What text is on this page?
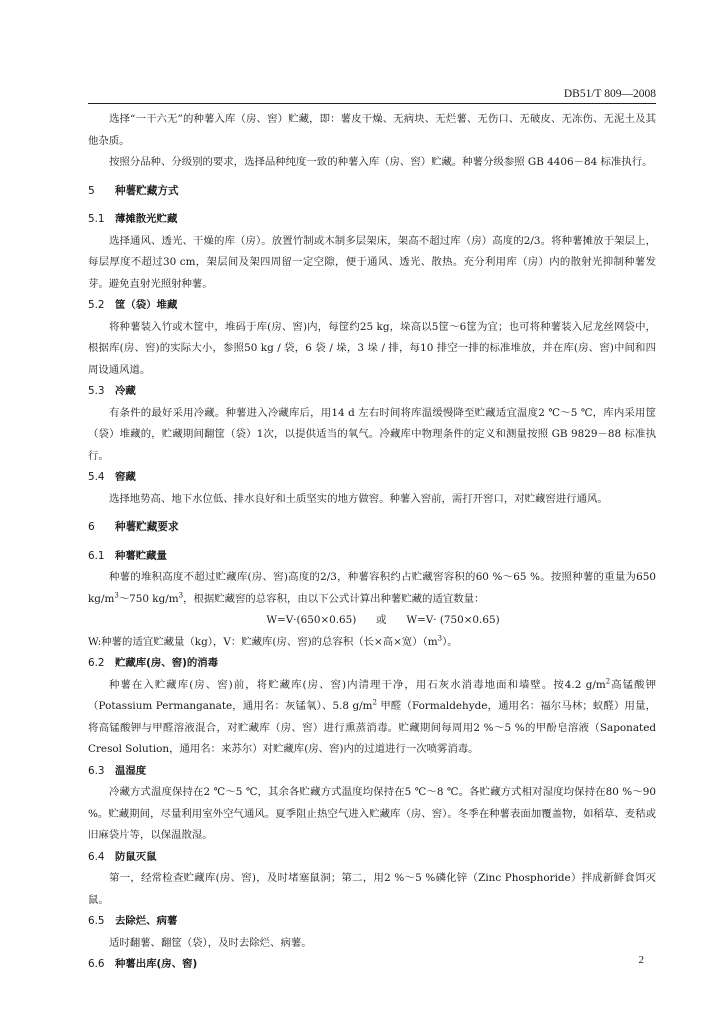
DB51/T 809—2008

选择“一干六无”的种薯入库（房、窖）贮藏，即：薯皮干燥、无病块、无烂薯、无伤口、无破皮、无冻伤、无泥土及其他杂质。

按照分品种、分级别的要求，选择品种纯度一致的种薯入库（房、窖）贮藏。种薯分级参照 GB 4406－84 标准执行。

5 种薯贮藏方式
5.1 薄摊散光贮藏

选择通风、透光、干燥的库（房）。放置竹制或木制多层架床，架高不超过库（房）高度的2/3。将种薯摊放于架层上，每层厚度不超过30 cm，架层间及架四周留一定空隙，便于通风、透光、散热。充分利用库（房）内的散射光抑制种薯发芽。避免直射光照射种薯。

5.2 筐（袋）堆藏

将种薯装入竹或木筐中，堆码于库(房、窖)内，每筐约25 kg，垛高以5筐～6筐为宜；也可将种薯装入尼龙丝网袋中，根据库(房、窖)的实际大小，参照50 kg / 袋，6 袋 / 垛，3 垛 / 排，每10 排空一排的标准堆放，并在库(房、窖)中间和四周设通风道。

5.3 冷藏

有条件的最好采用冷藏。种薯进入冷藏库后，用14 d 左右时间将库温缓慢降至贮藏适宜温度2 ℃～5 ℃，库内采用筐（袋）堆藏的，贮藏期间翻筐（袋）1次，以提供适当的氧气。冷藏库中物理条件的定义和测量按照 GB 9829－88 标准执行。

5.4 窖藏

选择地势高、地下水位低、排水良好和土质坚实的地方做窖。种薯入窖前，需打开窖口，对贮藏窖进行通风。

6 种薯贮藏要求
6.1 种薯贮藏量

种薯的堆积高度不超过贮藏库(房、窖)高度的2/3，种薯容积约占贮藏窖容积的60 %～65 %。按照种薯的重量为650 $kg/m^3\sim 750$ $kg/m^3$，根据贮藏窖的总容积，由以下公式计算出种薯贮藏的适宜数量：

W=V·(650×0.65) 或 W=V· (750×0.65)

W:种薯的适宜贮藏量（kg），V：贮藏库(房、窖)的总容积（长×高×宽）$(m^3)$。

6.2 贮藏库(房、窖)的消毒

种薯在入贮藏库(房、窖)前，将贮藏库(房、窖)内清理干净，用石灰水消毒地面和墙壁。按4.2 $g/m^2$高锰酸钾（Potassium Permanganate，通用名：灰锰氧）、5.8 $g/m^2$ 甲醛（Formaldehyde，通用名：福尔马林；蚁醛）用量，将高锰酸钾与甲醛溶液混合，对贮藏库（房、窖）进行熏蒸消毒。贮藏期间每周用2 %～5 %的甲酚皂溶液（Saponated Cresol Solution，通用名：来苏尔）对贮藏库(房、窖)内的过道进行一次喷雾消毒。

6.3 温湿度

冷藏方式温度保持在2 ℃～5 ℃，其余各贮藏方式温度均保持在5 ℃～8 ℃。各贮藏方式相对湿度均保持在80 %～90 %。贮藏期间，尽量利用室外空气通风。夏季阻止热空气进入贮藏库（房、窖）。冬季在种薯表面加覆盖物，如稻草、麦秸或旧麻袋片等，以保温散湿。

6.4 防鼠灭鼠

第一，经常检查贮藏库(房、窖)，及时堵塞鼠洞；第二，用2 %～5 %磷化锌（Zinc Phosphoride）拌成新鲜食饵灭鼠。

6.5 去除烂、病薯

适时翻薯、翻筐（袋），及时去除烂、病薯。

6.6 种薯出库(房、窖)	2
